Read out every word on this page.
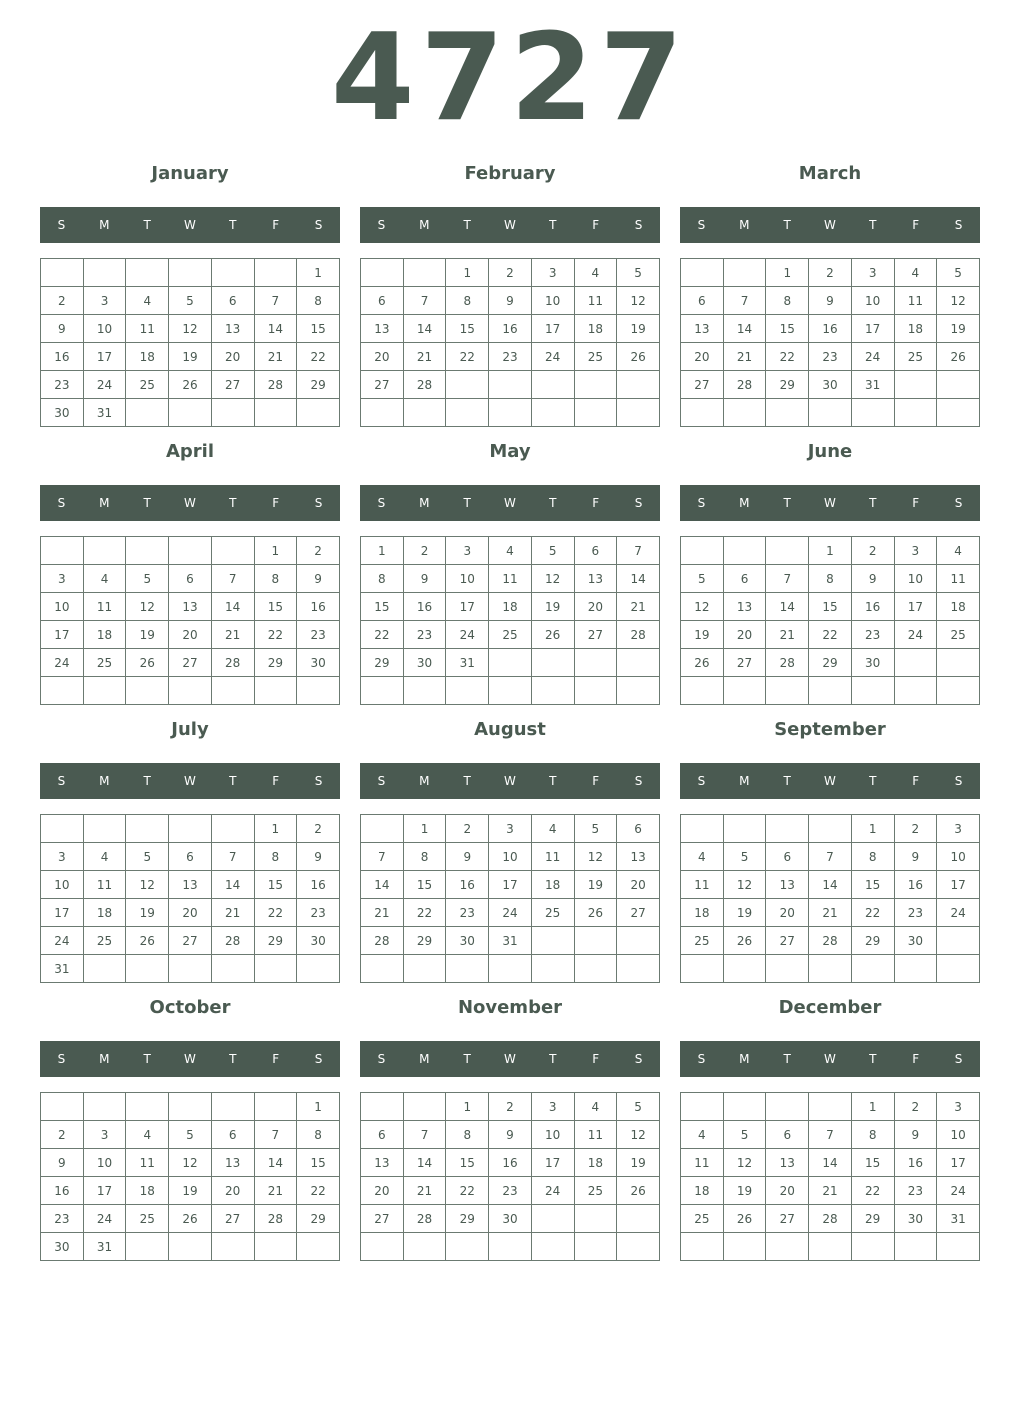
4727
January
S	M	T	W	T	F	S
						1
2	3	4	5	6	7	8
9	10	11	12	13	14	15
16	17	18	19	20	21	22
23	24	25	26	27	28	29
30	31					
February
S	M	T	W	T	F	S
		1	2	3	4	5
6	7	8	9	10	11	12
13	14	15	16	17	18	19
20	21	22	23	24	25	26
27	28					

March
S	M	T	W	T	F	S
		1	2	3	4	5
6	7	8	9	10	11	12
13	14	15	16	17	18	19
20	21	22	23	24	25	26
27	28	29	30	31		

April
S	M	T	W	T	F	S
					1	2
3	4	5	6	7	8	9
10	11	12	13	14	15	16
17	18	19	20	21	22	23
24	25	26	27	28	29	30

May
S	M	T	W	T	F	S
1	2	3	4	5	6	7
8	9	10	11	12	13	14
15	16	17	18	19	20	21
22	23	24	25	26	27	28
29	30	31				

June
S	M	T	W	T	F	S
			1	2	3	4
5	6	7	8	9	10	11
12	13	14	15	16	17	18
19	20	21	22	23	24	25
26	27	28	29	30		

July
S	M	T	W	T	F	S
					1	2
3	4	5	6	7	8	9
10	11	12	13	14	15	16
17	18	19	20	21	22	23
24	25	26	27	28	29	30
31						
August
S	M	T	W	T	F	S
	1	2	3	4	5	6
7	8	9	10	11	12	13
14	15	16	17	18	19	20
21	22	23	24	25	26	27
28	29	30	31			

September
S	M	T	W	T	F	S
				1	2	3
4	5	6	7	8	9	10
11	12	13	14	15	16	17
18	19	20	21	22	23	24
25	26	27	28	29	30	

October
S	M	T	W	T	F	S
						1
2	3	4	5	6	7	8
9	10	11	12	13	14	15
16	17	18	19	20	21	22
23	24	25	26	27	28	29
30	31					
November
S	M	T	W	T	F	S
		1	2	3	4	5
6	7	8	9	10	11	12
13	14	15	16	17	18	19
20	21	22	23	24	25	26
27	28	29	30			

December
S	M	T	W	T	F	S
				1	2	3
4	5	6	7	8	9	10
11	12	13	14	15	16	17
18	19	20	21	22	23	24
25	26	27	28	29	30	31
